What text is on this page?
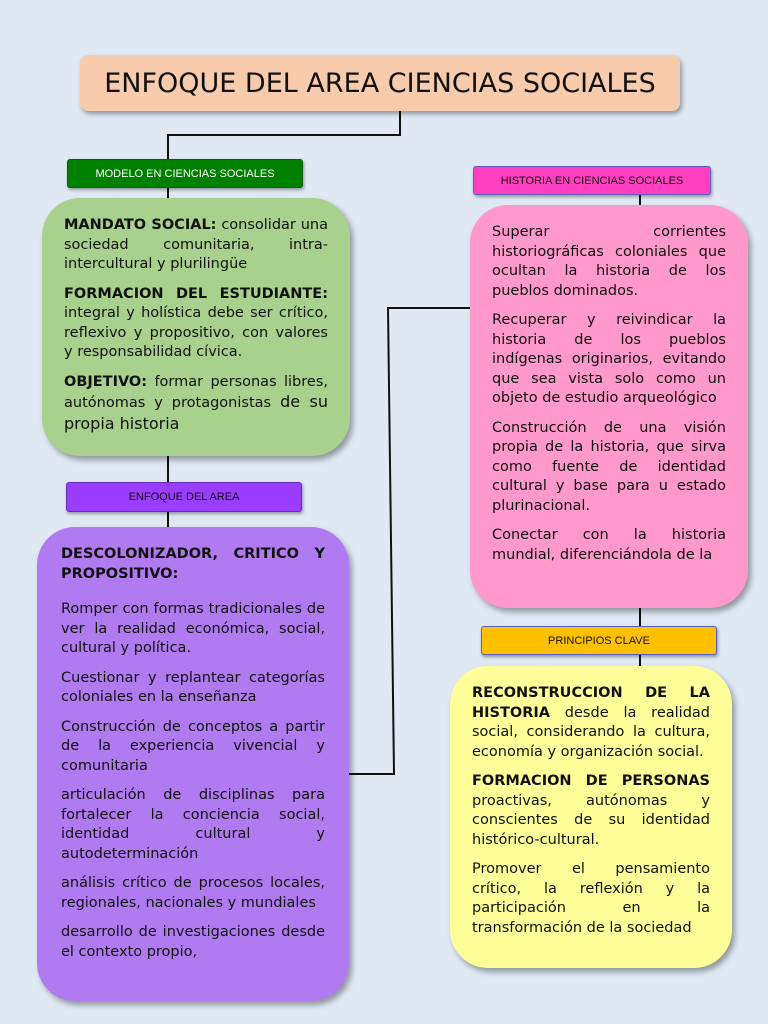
ENFOQUE DEL AREA CIENCIAS SOCIALES
MODELO EN CIENCIAS SOCIALES
HISTORIA EN CIENCIAS SOCIALES
ENFOQUE DEL AREA
PRINCIPIOS CLAVE

MANDATO SOCIAL: consolidar una sociedad comunitaria, intra-intercultural y plurilingüe

FORMACION DEL ESTUDIANTE: integral y holística debe ser crítico, reflexivo y propositivo, con valores y responsabilidad cívica.

OBJETIVO: formar personas libres, autónomas y protagonistas de su propia historia

Superar corrientes historiográficas coloniales que ocultan la historia de los pueblos dominados.

Recuperar y reivindicar la historia de los pueblos indígenas originarios, evitando que sea vista solo como un objeto de estudio arqueológico

Construcción de una visión propia de la historia, que sirva como fuente de identidad cultural y base para u estado plurinacional.

Conectar con la historia mundial, diferenciándola de la

DESCOLONIZADOR, CRITICO Y PROPOSITIVO:

Romper con formas tradicionales de ver la realidad económica, social, cultural y política.

Cuestionar y replantear categorías coloniales en la enseñanza

Construcción de conceptos a partir de la experiencia vivencial y comunitaria

articulación de disciplinas para fortalecer la conciencia social, identidad cultural y autodeterminación

análisis crítico de procesos locales, regionales, nacionales y mundiales

desarrollo de investigaciones desde el contexto propio,

RECONSTRUCCION DE LA HISTORIA desde la realidad social, considerando la cultura, economía y organización social.

FORMACION DE PERSONAS proactivas, autónomas y conscientes de su identidad histórico-cultural.

Promover el pensamiento crítico, la reflexión y la participación en la transformación de la sociedad
